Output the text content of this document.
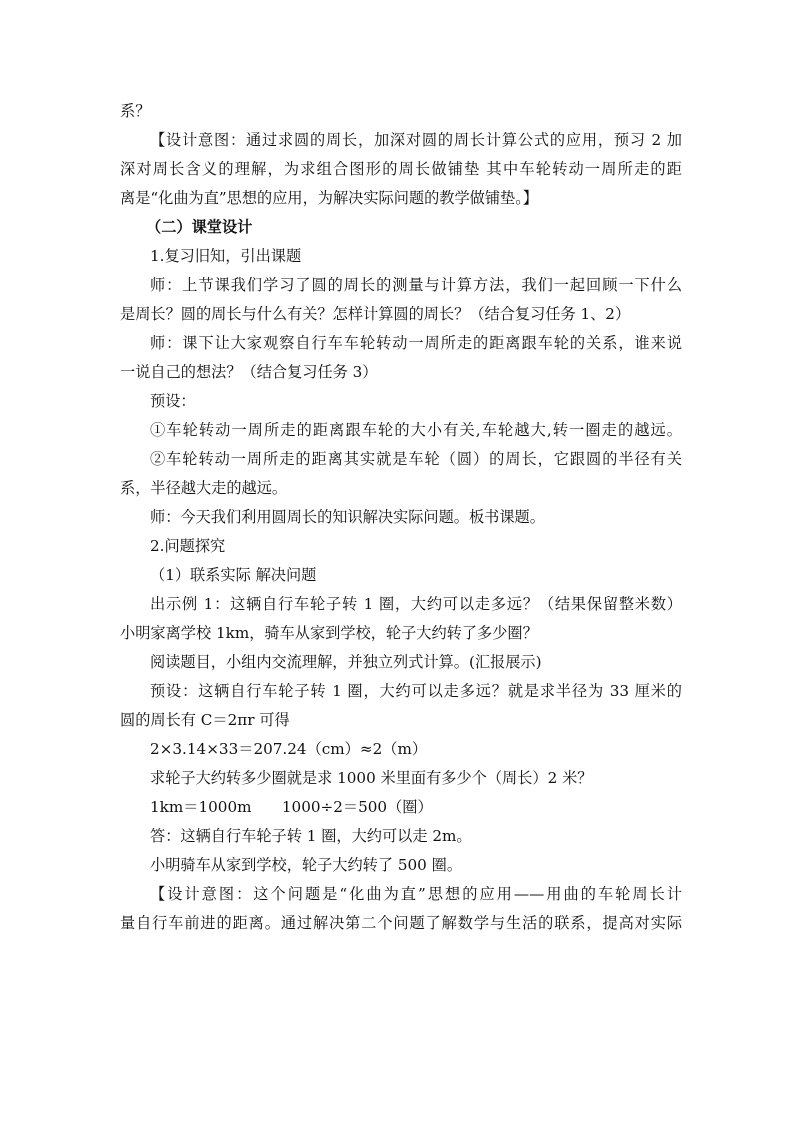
系？
【设计意图：通过求圆的周长，加深对圆的周长计算公式的应用，预习 2 加
深对周长含义的理解，为求组合图形的周长做铺垫 其中车轮转动一周所走的距
离是“化曲为直”思想的应用，为解决实际问题的教学做铺垫。】
（二）课堂设计
1.复习旧知，引出课题
师：上节课我们学习了圆的周长的测量与计算方法，我们一起回顾一下什么
是周长？圆的周长与什么有关？怎样计算圆的周长？（结合复习任务 1、2）
师：课下让大家观察自行车车轮转动一周所走的距离跟车轮的关系，谁来说
一说自己的想法？（结合复习任务 3）
预设：
①车轮转动一周所走的距离跟车轮的大小有关,车轮越大,转一圈走的越远。
②车轮转动一周所走的距离其实就是车轮（圆）的周长，它跟圆的半径有关
系，半径越大走的越远。
师：今天我们利用圆周长的知识解决实际问题。板书课题。
2.问题探究
（1）联系实际 解决问题
出示例 1：这辆自行车轮子转 1 圈，大约可以走多远？（结果保留整米数）
小明家离学校 1km，骑车从家到学校，轮子大约转了多少圈？
阅读题目，小组内交流理解，并独立列式计算。(汇报展示)
预设：这辆自行车轮子转 1 圈，大约可以走多远？就是求半径为 33 厘米的
圆的周长有 C＝2πr 可得
2×3.14×33＝207.24（cm）≈2（m）
求轮子大约转多少圈就是求 1000 米里面有多少个（周长）2 米？
1km＝1000m　　1000÷2＝500（圈）
答：这辆自行车轮子转 1 圈，大约可以走 2m。
小明骑车从家到学校，轮子大约转了 500 圈。
【设计意图：这个问题是“化曲为直”思想的应用——用曲的车轮周长计
量自行车前进的距离。通过解决第二个问题了解数学与生活的联系，提高对实际
